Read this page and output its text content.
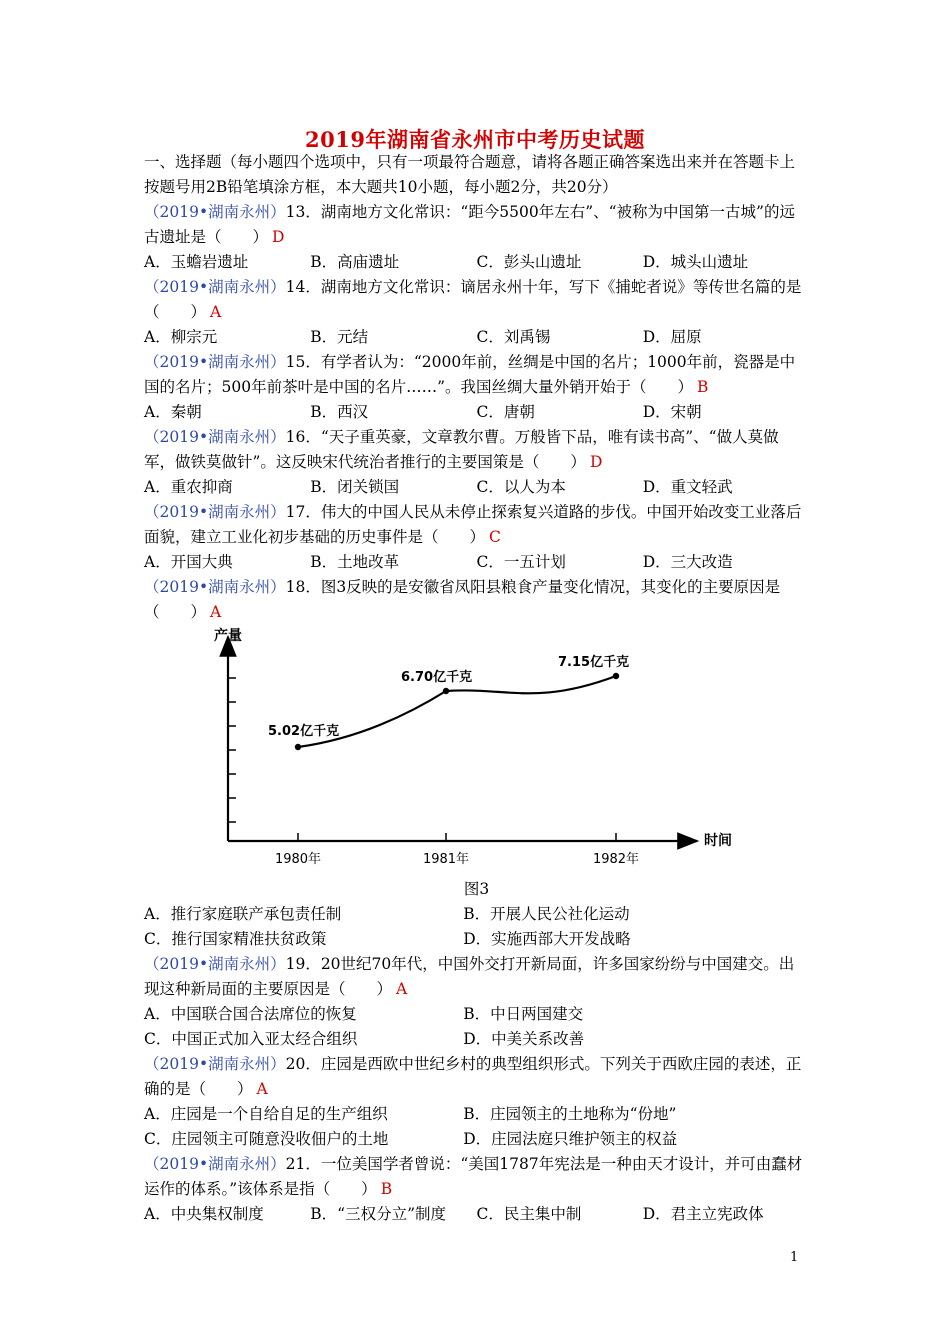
2019年湖南省永州市中考历史试题

一、选择题（每小题四个选项中，只有一项最符合题意，请将各题正确答案选出来并在答题卡上按题号用2B铅笔填涂方框，本大题共10小题，每小题2分，共20分）

（2019•湖南永州）13．湖南地方文化常识：“距今5500年左右”、“被称为中国第一古城”的远古遗址是（　　） D

A．玉蟾岩遗址	B．高庙遗址	C．彭头山遗址	D．城头山遗址

（2019•湖南永州）14．湖南地方文化常识：谪居永州十年，写下《捕蛇者说》等传世名篇的是（　　） A

A．柳宗元	B．元结	C．刘禹锡	D．屈原

（2019•湖南永州）15．有学者认为：“2000年前，丝绸是中国的名片；1000年前，瓷器是中国的名片；500年前茶叶是中国的名片……”。我国丝绸大量外销开始于（　　） B

A．秦朝	B．西汉	C．唐朝	D．宋朝

（2019•湖南永州）16．“天子重英豪，文章教尔曹。万般皆下品，唯有读书高”、“做人莫做军，做铁莫做针”。这反映宋代统治者推行的主要国策是（　　） D

A．重农抑商	B．闭关锁国	C．以人为本	D．重文轻武

（2019•湖南永州）17．伟大的中国人民从未停止探索复兴道路的步伐。中国开始改变工业落后面貌，建立工业化初步基础的历史事件是（　　） C

A．开国大典	B．土地改革	C．一五计划	D．三大改造

（2019•湖南永州）18．图3反映的是安徽省凤阳县粮食产量变化情况，其变化的主要原因是（　　） A

1980年	1981年	1982年
产量
时间
5.02亿千克
6.70亿千克
7.15亿千克
图3
A．推行家庭联产承包责任制	B．开展人民公社化运动
C．推行国家精准扶贫政策	D．实施西部大开发战略

（2019•湖南永州）19．20世纪70年代，中国外交打开新局面，许多国家纷纷与中国建交。出现这种新局面的主要原因是（　　） A

A．中国联合国合法席位的恢复	B．中日两国建交
C．中国正式加入亚太经合组织	D．中美关系改善

（2019•湖南永州）20．庄园是西欧中世纪乡村的典型组织形式。下列关于西欧庄园的表述，正确的是（　　） A

A．庄园是一个自给自足的生产组织	B．庄园领主的土地称为“份地”
C．庄园领主可随意没收佃户的土地	D．庄园法庭只维护领主的权益

（2019•湖南永州）21．一位美国学者曾说：“美国1787年宪法是一种由天才设计，并可由蠢材运作的体系。”该体系是指（　　） B

A．中央集权制度	B．“三权分立”制度	C．民主集中制	D．君主立宪政体
1
